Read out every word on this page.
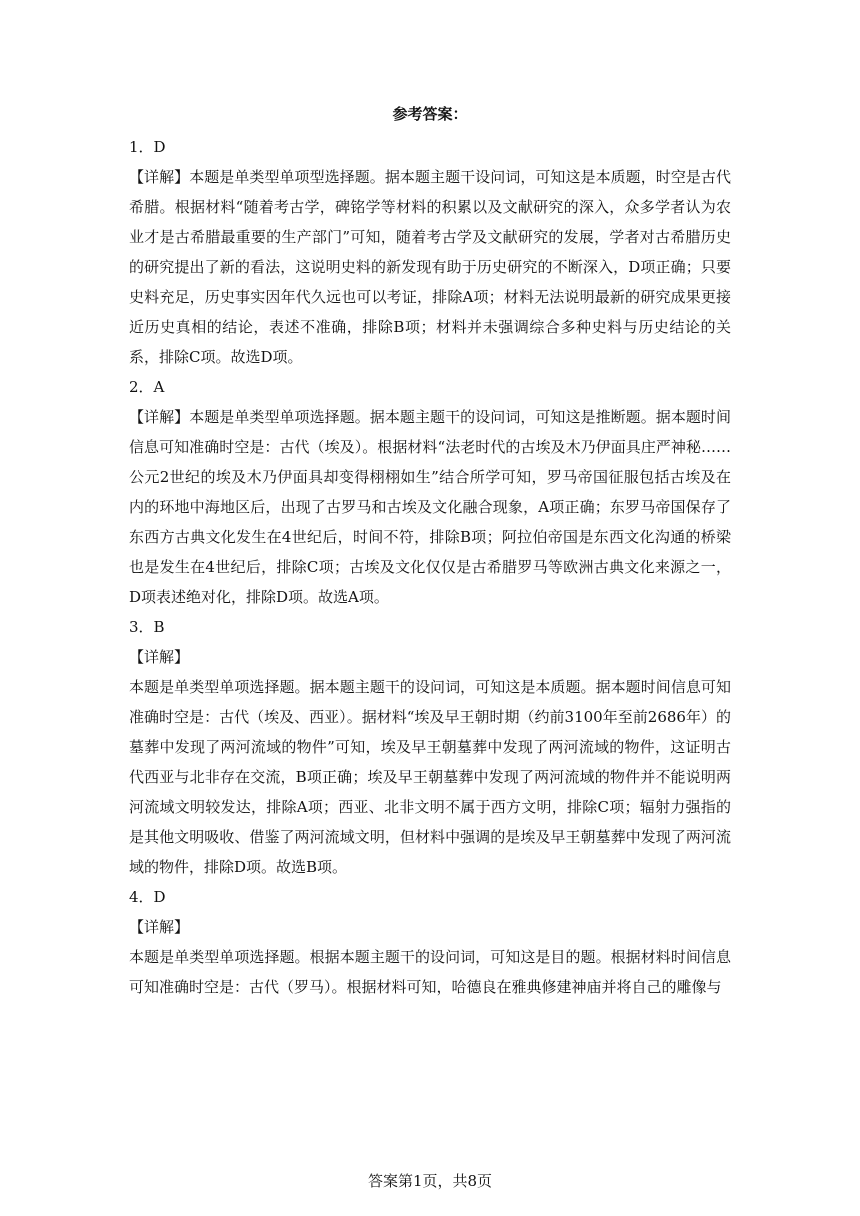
参考答案：

1．D

【详解】本题是单类型单项型选择题。据本题主题干设问词，可知这是本质题，时空是古代希腊。根据材料“随着考古学，碑铭学等材料的积累以及文献研究的深入，众多学者认为农业才是古希腊最重要的生产部门”可知，随着考古学及文献研究的发展，学者对古希腊历史的研究提出了新的看法，这说明史料的新发现有助于历史研究的不断深入，D项正确；只要史料充足，历史事实因年代久远也可以考证，排除A项；材料无法说明最新的研究成果更接近历史真相的结论，表述不准确，排除B项；材料并未强调综合多种史料与历史结论的关系，排除C项。故选D项。

2．A

【详解】本题是单类型单项选择题。据本题主题干的设问词，可知这是推断题。据本题时间信息可知准确时空是：古代（埃及）。根据材料“法老时代的古埃及木乃伊面具庄严神秘……公元2世纪的埃及木乃伊面具却变得栩栩如生”结合所学可知，罗马帝国征服包括古埃及在内的环地中海地区后，出现了古罗马和古埃及文化融合现象，A项正确；东罗马帝国保存了东西方古典文化发生在4世纪后，时间不符，排除B项；阿拉伯帝国是东西文化沟通的桥梁也是发生在4世纪后，排除C项；古埃及文化仅仅是古希腊罗马等欧洲古典文化来源之一，D项表述绝对化，排除D项。故选A项。

3．B

【详解】

本题是单类型单项选择题。据本题主题干的设问词，可知这是本质题。据本题时间信息可知准确时空是：古代（埃及、西亚）。据材料“埃及早王朝时期（约前3100年至前2686年）的墓葬中发现了两河流域的物件”可知，埃及早王朝墓葬中发现了两河流域的物件，这证明古代西亚与北非存在交流，B项正确；埃及早王朝墓葬中发现了两河流域的物件并不能说明两河流域文明较发达，排除A项；西亚、北非文明不属于西方文明，排除C项；辐射力强指的是其他文明吸收、借鉴了两河流域文明，但材料中强调的是埃及早王朝墓葬中发现了两河流域的物件，排除D项。故选B项。

4．D

【详解】

本题是单类型单项选择题。根据本题主题干的设问词，可知这是目的题。根据材料时间信息可知准确时空是：古代（罗马）。根据材料可知，哈德良在雅典修建神庙并将自己的雕像与

答案第1页，共8页
